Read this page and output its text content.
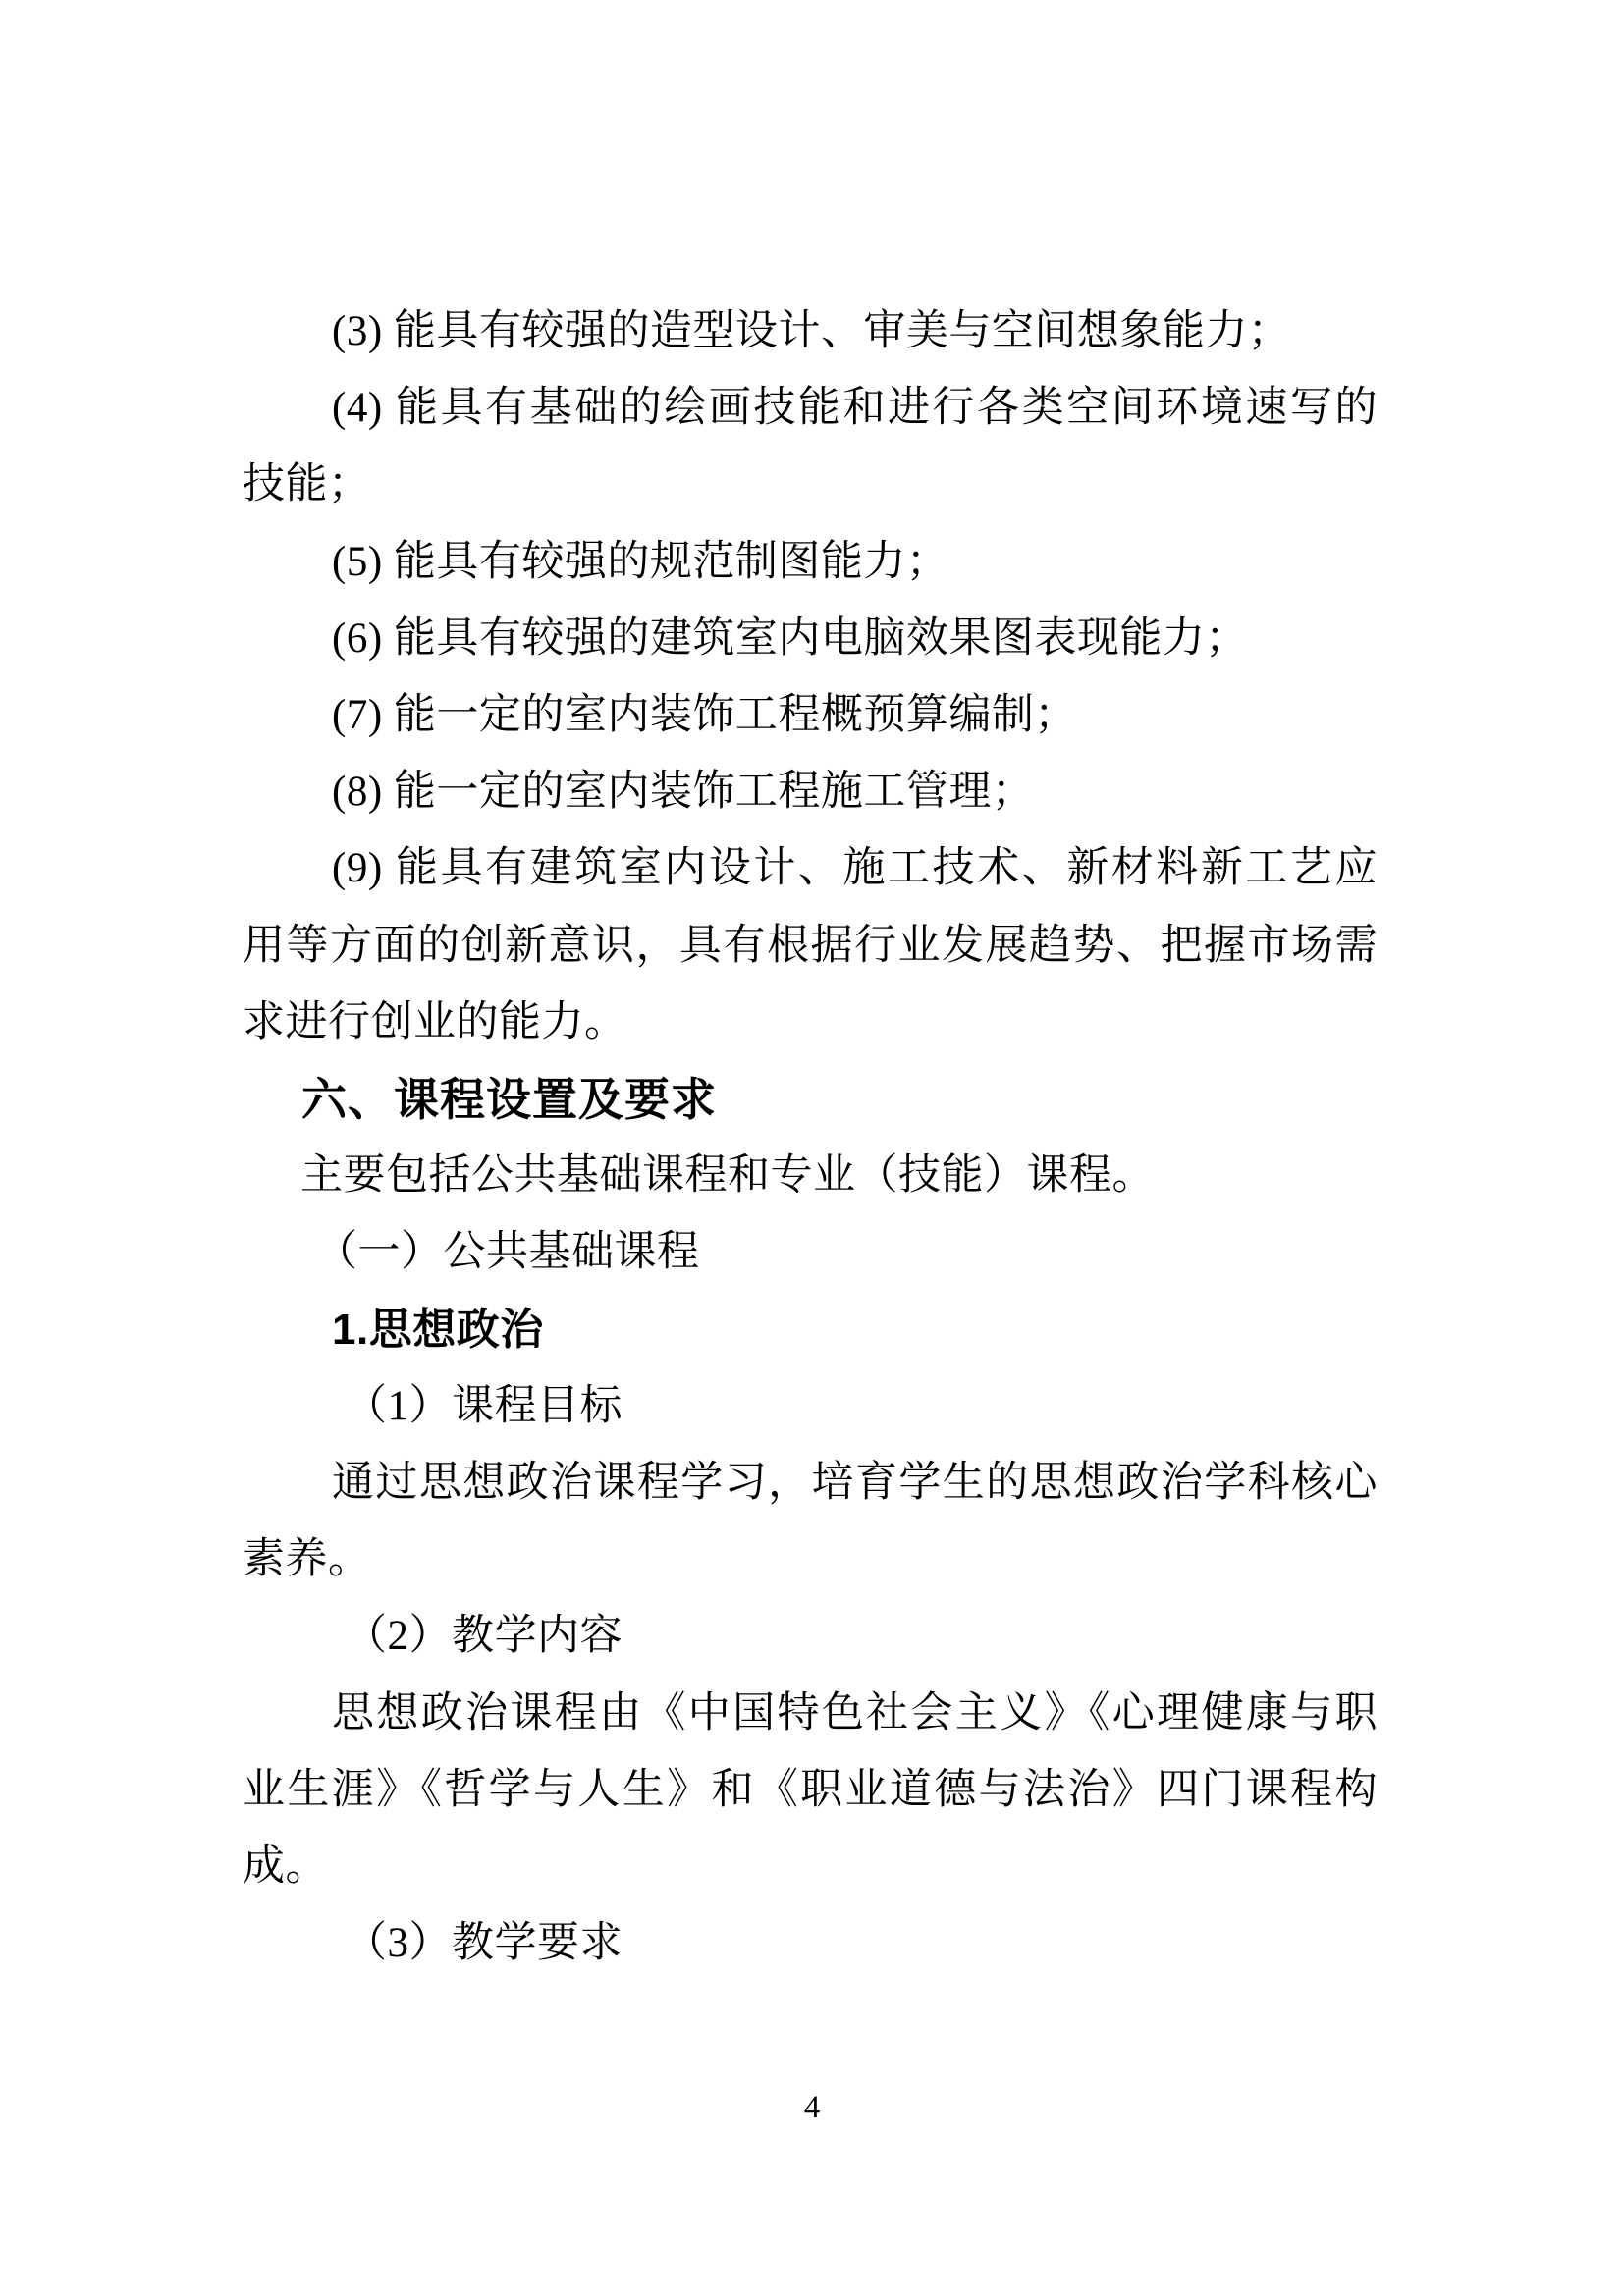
(3) 能具有较强的造型设计、审美与空间想象能力；
(4) 能具有基础的绘画技能和进行各类空间环境速写的
技能；
(5) 能具有较强的规范制图能力；
(6) 能具有较强的建筑室内电脑效果图表现能力；
(7) 能一定的室内装饰工程概预算编制；
(8) 能一定的室内装饰工程施工管理；
(9) 能具有建筑室内设计、施工技术、新材料新工艺应
用等方面的创新意识，具有根据行业发展趋势、把握市场需
求进行创业的能力。
六、课程设置及要求
主要包括公共基础课程和专业（技能）课程。
（一）公共基础课程
1.思想政治
（1）课程目标
通过思想政治课程学习，培育学生的思想政治学科核心
素养。
（2）教学内容
思想政治课程由《中国特色社会主义》《心理健康与职
业生涯》《哲学与人生》和《职业道德与法治》四门课程构
成。
（3）教学要求
4
